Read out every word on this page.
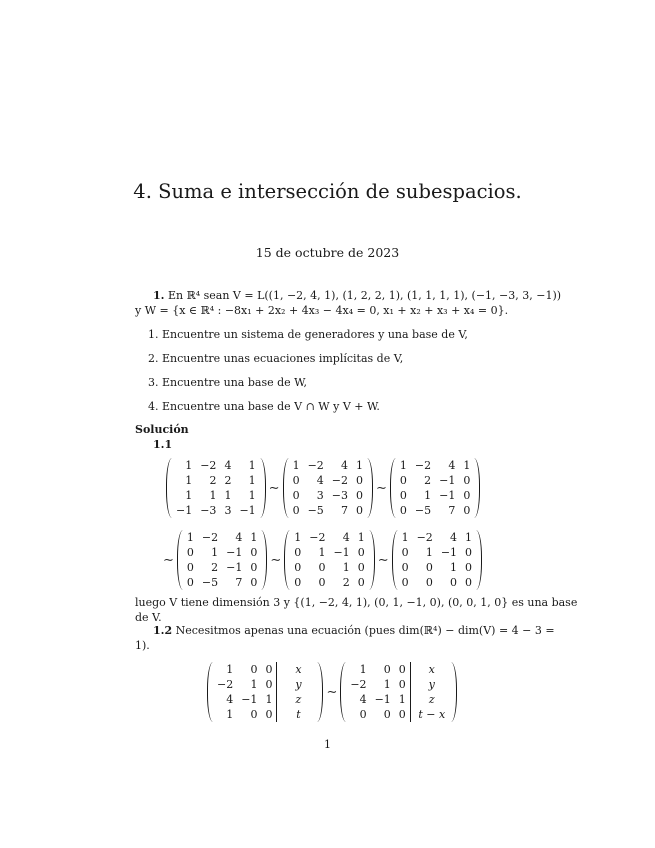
4. Suma e intersección de subespacios.
15 de octubre de 2023
1. En ℝ⁴ sean V = L((1, −2, 4, 1), (1, 2, 2, 1), (1, 1, 1, 1), (−1, −3, 3, −1))
y W = {x ∈ ℝ⁴ : −8x₁ + 2x₂ + 4x₃ − 4x₄ = 0, x₁ + x₂ + x₃ + x₄ = 0}.
1. Encuentre un sistema de generadores y una base de V,
2. Encuentre unas ecuaciones implícitas de V,
3. Encuentre una base de W,
4. Encuentre una base de V ∩ W y V + W.
Solución
1.1
1	−2	4	1
1	2	2	1
1	1	1	1
−1	−3	3	−1
∼
1	−2	4	1
0	4	−2	0
0	3	−3	0
0	−5	7	0
∼
1	−2	4	1
0	2	−1	0
0	1	−1	0
0	−5	7	0
∼
1	−2	4	1
0	1	−1	0
0	2	−1	0
0	−5	7	0
∼
1	−2	4	1
0	1	−1	0
0	0	1	0
0	0	2	0
∼
1	−2	4	1
0	1	−1	0
0	0	1	0
0	0	0	0
luego V tiene dimensión 3 y {(1, −2, 4, 1), (0, 1, −1, 0), (0, 0, 1, 0} es una base
de V.
1.2 Necesitmos apenas una ecuación (pues dim(ℝ⁴) − dim(V) = 4 − 3 =
1).
1	0	0	x
−2	1	0	y
4	−1	1	z
1	0	0	t
∼
1	0	0	x
−2	1	0	y
4	−1	1	z
0	0	0	t − x
1
